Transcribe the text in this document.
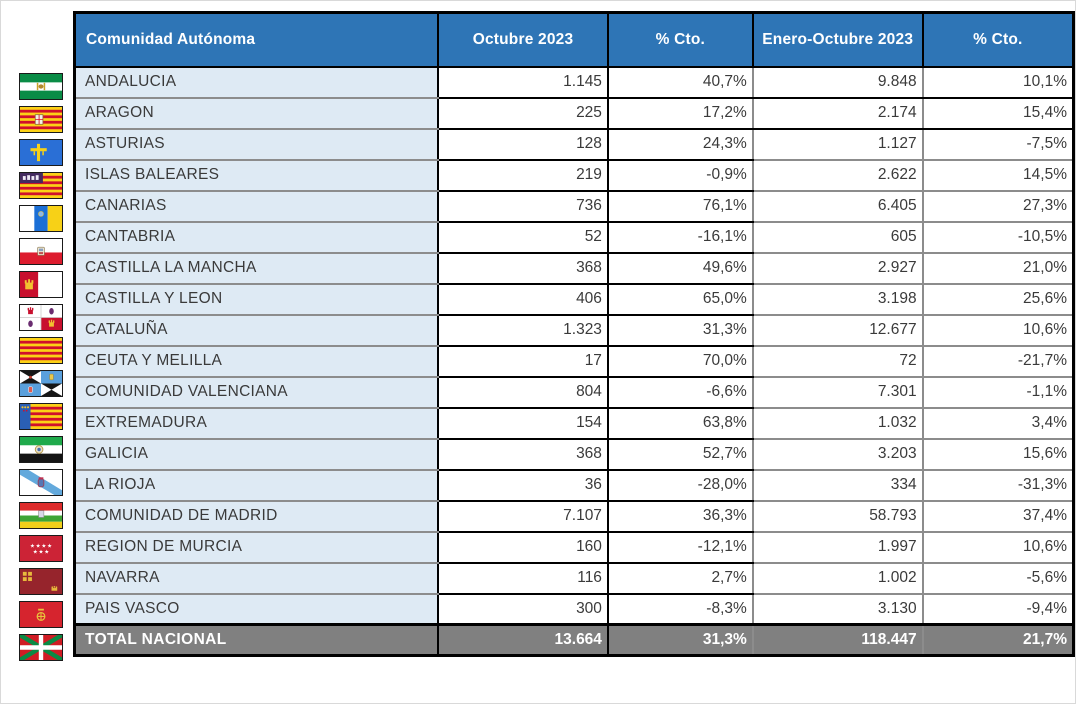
Comunidad Autónoma	Octubre 2023	% Cto.	Enero-Octubre 2023	% Cto.
ANDALUCIA	1.145	40,7%	9.848	10,1%
ARAGON	225	17,2%	2.174	15,4%
ASTURIAS	128	24,3%	1.127	-7,5%
ISLAS BALEARES	219	-0,9%	2.622	14,5%
CANARIAS	736	76,1%	6.405	27,3%
CANTABRIA	52	-16,1%	605	-10,5%
CASTILLA LA MANCHA	368	49,6%	2.927	21,0%
CASTILLA Y LEON	406	65,0%	3.198	25,6%
CATALUÑA	1.323	31,3%	12.677	10,6%
CEUTA Y MELILLA	17	70,0%	72	-21,7%
COMUNIDAD VALENCIANA	804	-6,6%	7.301	-1,1%
EXTREMADURA	154	63,8%	1.032	3,4%
GALICIA	368	52,7%	3.203	15,6%
LA RIOJA	36	-28,0%	334	-31,3%
COMUNIDAD DE MADRID	7.107	36,3%	58.793	37,4%
REGION DE MURCIA	160	-12,1%	1.997	10,6%
NAVARRA	116	2,7%	1.002	-5,6%
PAIS VASCO	300	-8,3%	3.130	-9,4%
TOTAL NACIONAL	13.664	31,3%	118.447	21,7%
